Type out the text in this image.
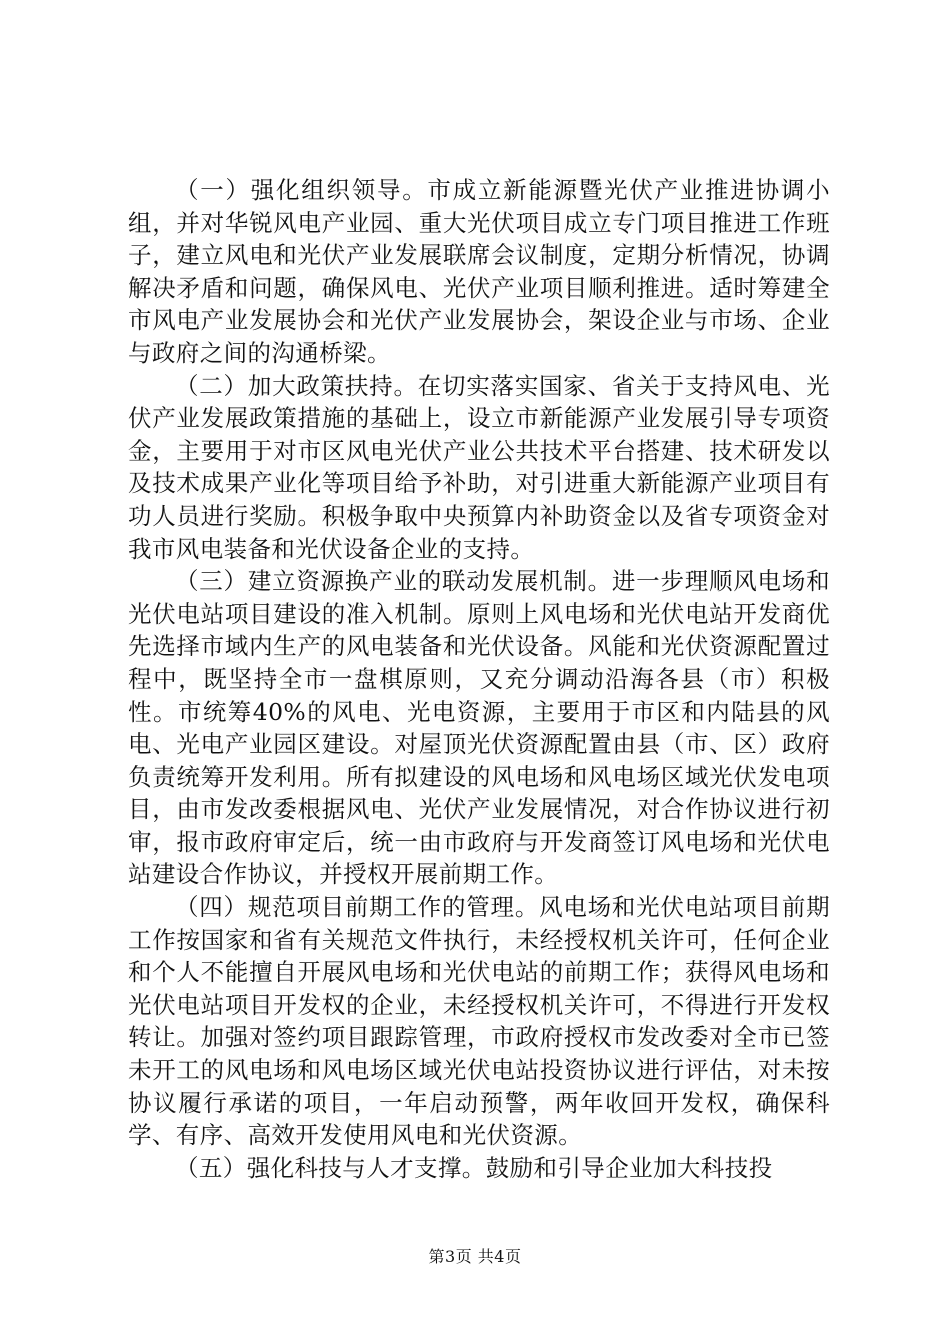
（一）强化组织领导。市成立新能源暨光伏产业推进协调小组，并对华锐风电产业园、重大光伏项目成立专门项目推进工作班子，建立风电和光伏产业发展联席会议制度，定期分析情况，协调解决矛盾和问题，确保风电、光伏产业项目顺利推进。适时筹建全市风电产业发展协会和光伏产业发展协会，架设企业与市场、企业与政府之间的沟通桥梁。

（二）加大政策扶持。在切实落实国家、省关于支持风电、光伏产业发展政策措施的基础上，设立市新能源产业发展引导专项资金，主要用于对市区风电光伏产业公共技术平台搭建、技术研发以及技术成果产业化等项目给予补助，对引进重大新能源产业项目有功人员进行奖励。积极争取中央预算内补助资金以及省专项资金对我市风电装备和光伏设备企业的支持。

（三）建立资源换产业的联动发展机制。进一步理顺风电场和光伏电站项目建设的准入机制。原则上风电场和光伏电站开发商优先选择市域内生产的风电装备和光伏设备。风能和光伏资源配置过程中，既坚持全市一盘棋原则，又充分调动沿海各县（市）积极性。市统筹40%的风电、光电资源，主要用于市区和内陆县的风电、光电产业园区建设。对屋顶光伏资源配置由县（市、区）政府负责统筹开发利用。所有拟建设的风电场和风电场区域光伏发电项目，由市发改委根据风电、光伏产业发展情况，对合作协议进行初审，报市政府审定后，统一由市政府与开发商签订风电场和光伏电站建设合作协议，并授权开展前期工作。

（四）规范项目前期工作的管理。风电场和光伏电站项目前期工作按国家和省有关规范文件执行，未经授权机关许可，任何企业和个人不能擅自开展风电场和光伏电站的前期工作；获得风电场和光伏电站项目开发权的企业，未经授权机关许可，不得进行开发权转让。加强对签约项目跟踪管理，市政府授权市发改委对全市已签未开工的风电场和风电场区域光伏电站投资协议进行评估，对未按协议履行承诺的项目，一年启动预警，两年收回开发权，确保科学、有序、高效开发使用风电和光伏资源。

（五）强化科技与人才支撑。鼓励和引导企业加大科技投

第3页 共4页
